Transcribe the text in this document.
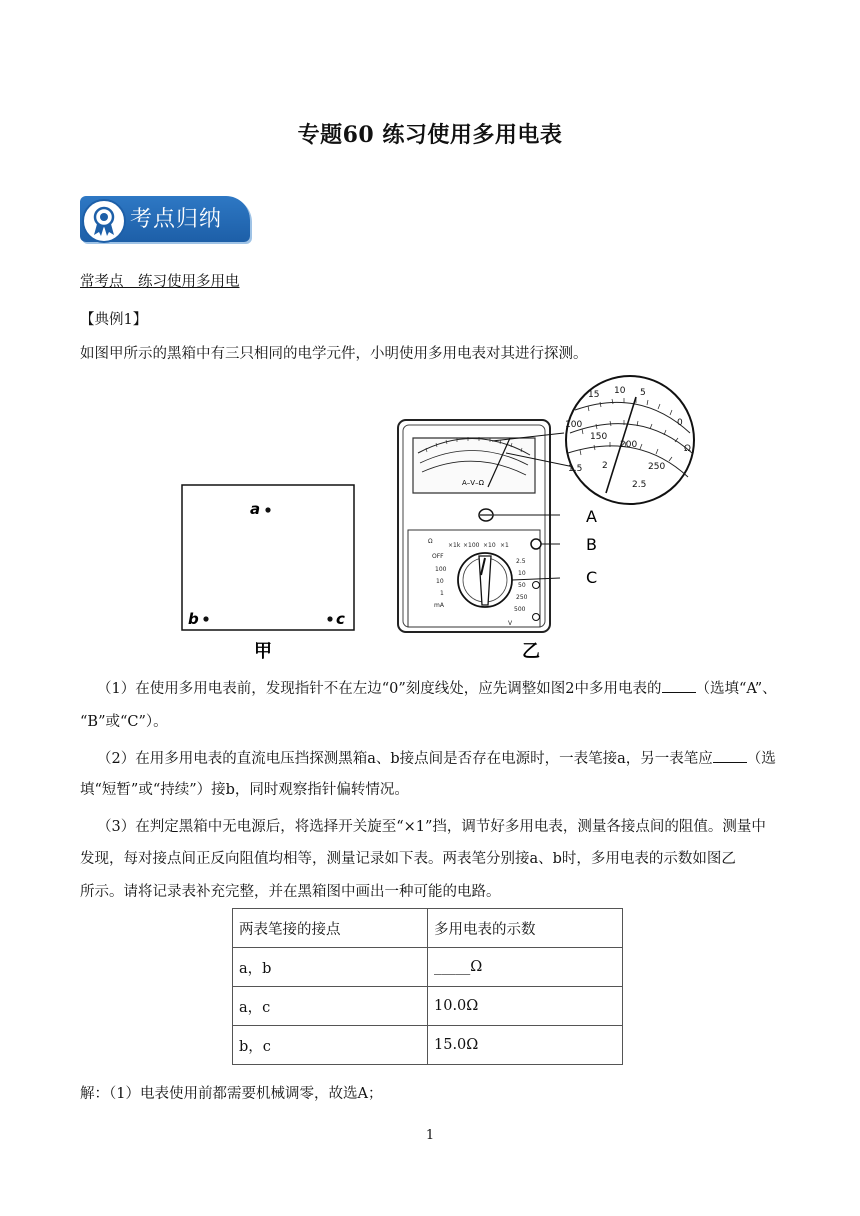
专题60 练习使用多用电表
考点归纳
常考点　练习使用多用电
【典例1】
如图甲所示的黑箱中有三只相同的电学元件，小明使用多用电表对其进行探测。
a
b	c
甲
A–V–Ω
OFF
100
10
1
mA
Ω
×1k ×100 ×10 ×1
2.5
10
50
250
500
V
A
B
C
乙
15 10 5
0
100
150
200
250
1.5 2
2.5
Ω
（1）在使用多用电表前，发现指针不在左边“0”刻度线处，应先调整如图2中多用电表的 （选填“A”、
“B”或“C”）。
（2）在用多用电表的直流电压挡探测黑箱a、b接点间是否存在电源时，一表笔接a，另一表笔应 （选
填“短暂”或“持续”）接b，同时观察指针偏转情况。
（3）在判定黑箱中无电源后，将选择开关旋至“×1”挡，调节好多用电表，测量各接点间的阻值。测量中
发现，每对接点间正反向阻值均相等，测量记录如下表。两表笔分别接a、b时，多用电表的示数如图乙
所示。请将记录表补充完整，并在黑箱图中画出一种可能的电路。
两表笔接的接点	多用电表的示数
a，b	_____Ω
a，c	10.0Ω
b，c	15.0Ω
解：（1）电表使用前都需要机械调零，故选A；
1
